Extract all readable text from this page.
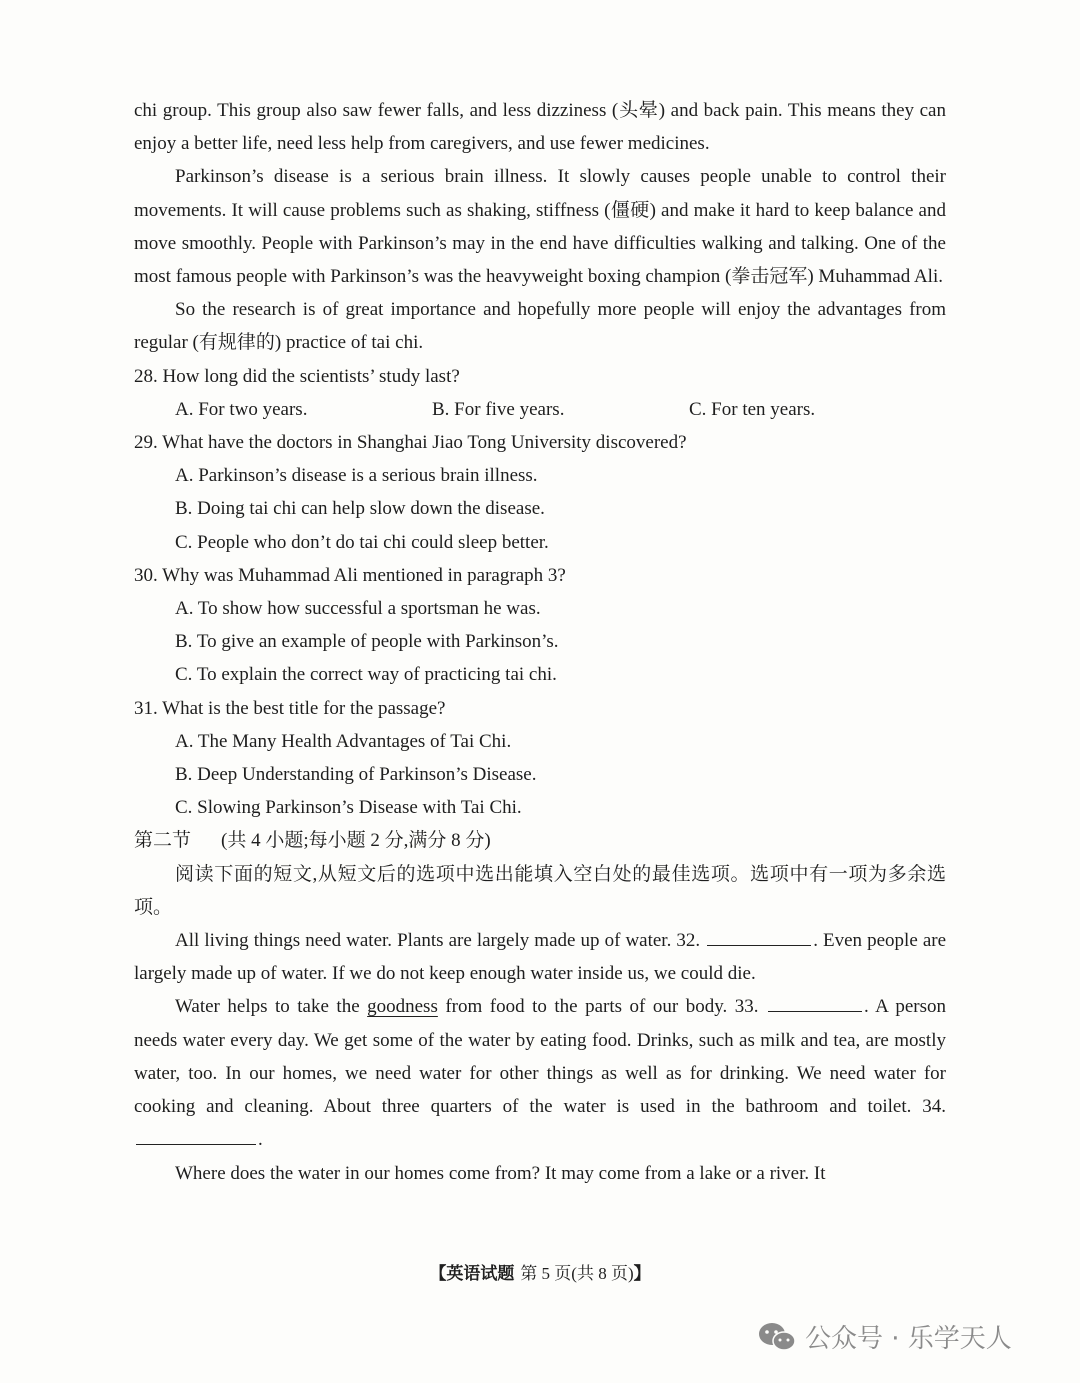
chi group. This group also saw fewer falls, and less dizziness (头晕) and back pain. This means they can enjoy a better life, need less help from caregivers, and use fewer medicines.

Parkinson’s disease is a serious brain illness. It slowly causes people unable to control their movements. It will cause problems such as shaking, stiffness (僵硬) and make it hard to keep balance and move smoothly. People with Parkinson’s may in the end have difficulties walking and talking. One of the most famous people with Parkinson’s was the heavyweight boxing champion (拳击冠军) Muhammad Ali.

So the research is of great importance and hopefully more people will enjoy the advantages from regular (有规律的) practice of tai chi.

28. How long did the scientists’ study last?

A. For two years.	B. For five years.	C. For ten years.

29. What have the doctors in Shanghai Jiao Tong University discovered?

A. Parkinson’s disease is a serious brain illness.

B. Doing tai chi can help slow down the disease.

C. People who don’t do tai chi could sleep better.

30. Why was Muhammad Ali mentioned in paragraph 3?

A. To show how successful a sportsman he was.

B. To give an example of people with Parkinson’s.

C. To explain the correct way of practicing tai chi.

31. What is the best title for the passage?

A. The Many Health Advantages of Tai Chi.

B. Deep Understanding of Parkinson’s Disease.

C. Slowing Parkinson’s Disease with Tai Chi.

第二节 (共 4 小题;每小题 2 分,满分 8 分)

阅读下面的短文,从短文后的选项中选出能填入空白处的最佳选项。选项中有一项为多余选项。

All living things need water. Plants are largely made up of water. 32.	. Even people are largely made up of water. If we do not keep enough water inside us, we could die.

Water helps to take the goodness from food to the parts of our body. 33.	. A person needs water every day. We get some of the water by eating food. Drinks, such as milk and tea, are mostly water, too. In our homes, we need water for other things as well as for drinking. We need water for cooking and cleaning. About three quarters of the water is used in the bathroom and toilet. 34. .

Where does the water in our homes come from? It may come from a lake or a river. It

【英语试题 第 5 页(共 8 页)】
公众号 · 乐学天人
